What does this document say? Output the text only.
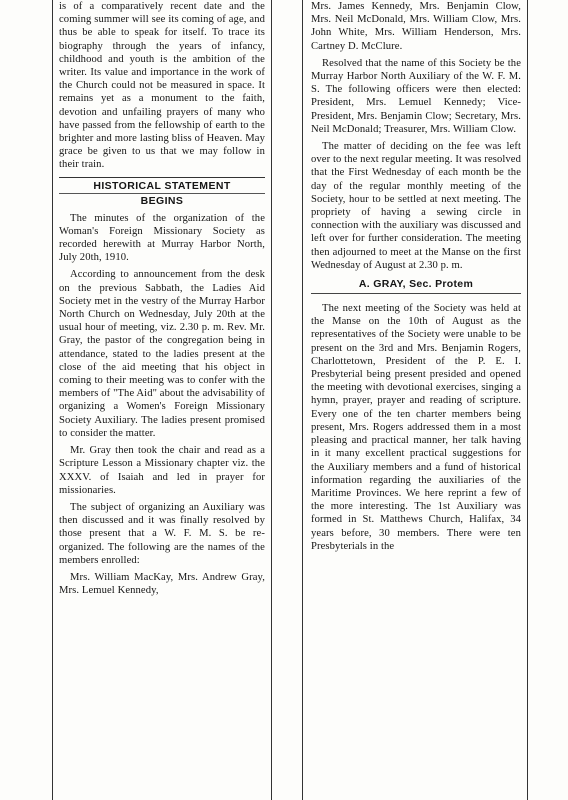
is of a comparatively recent date and the coming summer will see its coming of age, and thus be able to speak for itself. To trace its biography through the years of infancy, childhood and youth is the ambition of the writer. Its value and importance in the work of the Church could not be measured in space. It remains yet as a monument to the faith, devotion and unfailing prayers of many who have passed from the fellowship of earth to the brighter and more lasting bliss of Heaven. May grace be given to us that we may follow in their train.

HISTORICAL STATEMENT
BEGINS

The minutes of the organization of the Woman's Foreign Missionary Society as recorded herewith at Murray Harbor North, July 20th, 1910.

According to announcement from the desk on the previous Sabbath, the Ladies Aid Society met in the vestry of the Murray Harbor North Church on Wednesday, July 20th at the usual hour of meeting, viz. 2.30 p. m. Rev. Mr. Gray, the pastor of the congregation being in attendance, stated to the ladies present at the close of the aid meeting that his object in coming to their meeting was to confer with the members of "The Aid" about the advisability of organizing a Women's Foreign Missionary Society Auxiliary. The ladies present promised to consider the matter.

Mr. Gray then took the chair and read as a Scripture Lesson a Missionary chapter viz. the XXXV. of Isaiah and led in prayer for missionaries.

The subject of organizing an Auxiliary was then discussed and it was finally resolved by those present that a W. F. M. S. be re-organized. The following are the names of the members enrolled:

Mrs. William MacKay, Mrs. Andrew Gray, Mrs. Lemuel Kennedy,

Mrs. James Kennedy, Mrs. Benjamin Clow, Mrs. Neil McDonald, Mrs. William Clow, Mrs. John White, Mrs. William Henderson, Mrs. Cartney D. McClure.

Resolved that the name of this Society be the Murray Harbor North Auxiliary of the W. F. M. S. The following officers were then elected: President, Mrs. Lemuel Kennedy; Vice-President, Mrs. Benjamin Clow; Secretary, Mrs. Neil McDonald; Treasurer, Mrs. William Clow.

The matter of deciding on the fee was left over to the next regular meeting. It was resolved that the First Wednesday of each month be the day of the regular monthly meeting of the Society, hour to be settled at next meeting. The propriety of having a sewing circle in connection with the auxiliary was discussed and left over for further consideration. The meeting then adjourned to meet at the Manse on the first Wednesday of August at 2.30 p. m.

A. GRAY, Sec. Protem

The next meeting of the Society was held at the Manse on the 10th of August as the representatives of the Society were unable to be present on the 3rd and Mrs. Benjamin Rogers, Charlottetown, President of the P. E. I. Presbyterial being present presided and opened the meeting with devotional exercises, singing a hymn, prayer, prayer and reading of scripture. Every one of the ten charter members being present, Mrs. Rogers addressed them in a most pleasing and practical manner, her talk having in it many excellent practical suggestions for the Auxiliary members and a fund of historical information regarding the auxiliaries of the Maritime Provinces. We here reprint a few of the more interesting. The 1st Auxiliary was formed in St. Matthews Church, Halifax, 34 years before, 30 members. There were ten Presbyterials in the
